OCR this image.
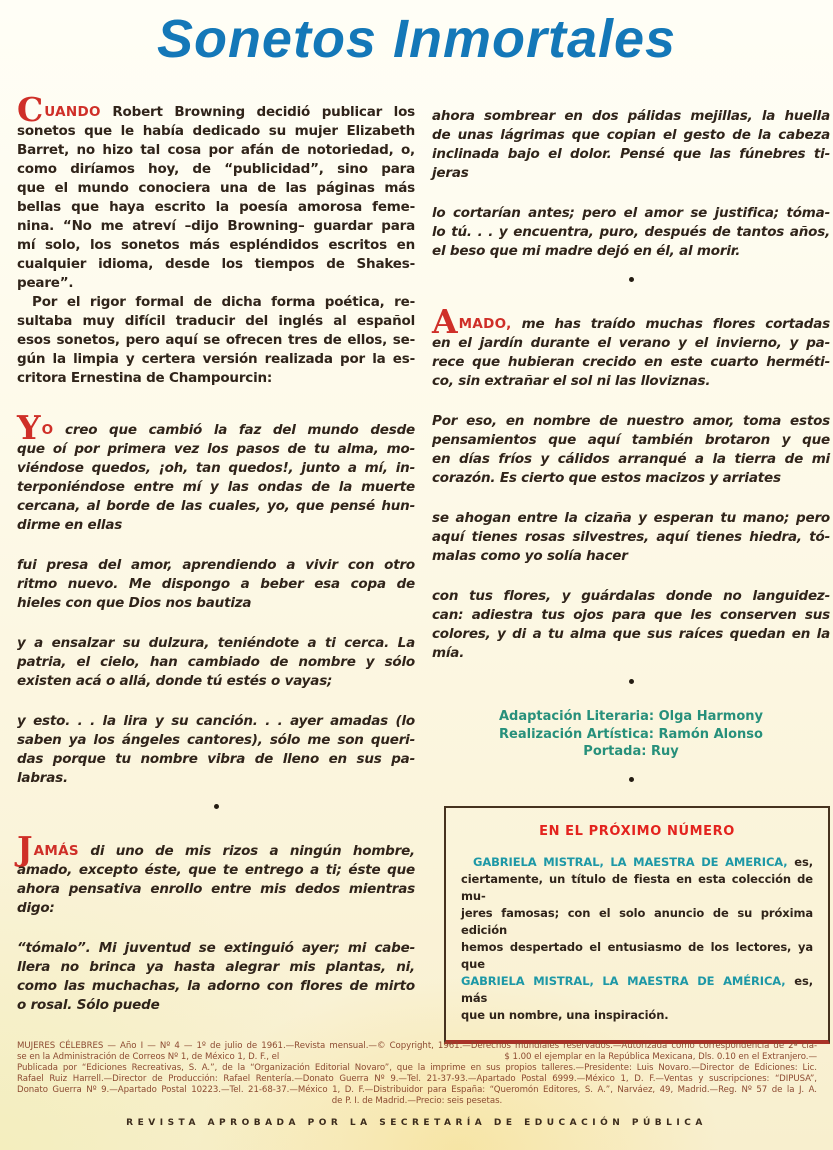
Sonetos Inmortales
CUANDO Robert Browning decidió publicar los
sonetos que le había dedicado su mujer Elizabeth
Barret, no hizo tal cosa por afán de notoriedad, o,
como diríamos hoy, de “publicidad”, sino para
que el mundo conociera una de las páginas más
bellas que haya escrito la poesía amorosa feme-
nina. “No me atreví –dijo Browning– guardar para
mí solo, los sonetos más espléndidos escritos en
cualquier idioma, desde los tiempos de Shakes-
peare”.
Por el rigor formal de dicha forma poética, re-
sultaba muy difícil traducir del inglés al español
esos sonetos, pero aquí se ofrecen tres de ellos, se-
gún la limpia y certera versión realizada por la es-
critora Ernestina de Champourcin:
YO creo que cambió la faz del mundo desde
que oí por primera vez los pasos de tu alma, mo-
viéndose quedos, ¡oh, tan quedos!, junto a mí, in-
terponiéndose entre mí y las ondas de la muerte
cercana, al borde de las cuales, yo, que pensé hun-
dirme en ellas
fui presa del amor, aprendiendo a vivir con otro
ritmo nuevo. Me dispongo a beber esa copa de
hieles con que Dios nos bautiza
y a ensalzar su dulzura, teniéndote a ti cerca. La
patria, el cielo, han cambiado de nombre y sólo
existen acá o allá, donde tú estés o vayas;
y esto. . . la lira y su canción. . . ayer amadas (lo
saben ya los ángeles cantores), sólo me son queri-
das porque tu nombre vibra de lleno en sus pa-
labras.
JAMÁS di uno de mis rizos a ningún hombre,
amado, excepto éste, que te entrego a ti; éste que
ahora pensativa enrollo entre mis dedos mientras
digo:
“tómalo”. Mi juventud se extinguió ayer; mi cabe-
llera no brinca ya hasta alegrar mis plantas, ni,
como las muchachas, la adorno con flores de mirto
o rosal. Sólo puede
ahora sombrear en dos pálidas mejillas, la huella
de unas lágrimas que copian el gesto de la cabeza
inclinada bajo el dolor. Pensé que las fúnebres ti-
jeras
lo cortarían antes; pero el amor se justifica; tóma-
lo tú. . . y encuentra, puro, después de tantos años,
el beso que mi madre dejó en él, al morir.
AMADO, me has traído muchas flores cortadas
en el jardín durante el verano y el invierno, y pa-
rece que hubieran crecido en este cuarto herméti-
co, sin extrañar el sol ni las lloviznas.
Por eso, en nombre de nuestro amor, toma estos
pensamientos que aquí también brotaron y que
en días fríos y cálidos arranqué a la tierra de mi
corazón. Es cierto que estos macizos y arriates
se ahogan entre la cizaña y esperan tu mano; pero
aquí tienes rosas silvestres, aquí tienes hiedra, tó-
malas como yo solía hacer
con tus flores, y guárdalas donde no languidez-
can: adiestra tus ojos para que les conserven sus
colores, y di a tu alma que sus raíces quedan en la
mía.
Adaptación Literaria: Olga Harmony
Realización Artística: Ramón Alonso
Portada: Ruy
EN EL PRÓXIMO NÚMERO
GABRIELA MISTRAL, LA MAESTRA DE AMERICA, es,
ciertamente, un título de fiesta en esta colección de mu-
jeres famosas; con el solo anuncio de su próxima edición
hemos despertado el entusiasmo de los lectores, ya que
GABRIELA MISTRAL, LA MAESTRA DE AMÉRICA, es, más
que un nombre, una inspiración.
MUJERES CÉLEBRES — Año I — Nº 4 — 1º de julio de 1961.—Revista mensual.—© Copyright, 1961.—Derechos mundiales reservados.—Autorizada como correspondencia de 2ª cla-
se en la Administración de Correos Nº 1, de México 1, D. F., el	$ 1.00 el ejemplar en la República Mexicana, Dls. 0.10 en el Extranjero.—
Publicada por “Ediciones Recreativas, S. A.”, de la “Organización Editorial Novaro”, que la imprime en sus propios talleres.—Presidente: Luis Novaro.—Director de Ediciones: Lic.
Rafael Ruiz Harrell.—Director de Producción: Rafael Rentería.—Donato Guerra Nº 9.—Tel. 21-37-93.—Apartado Postal 6999.—México 1, D. F.—Ventas y suscripciones: “DIPUSA”,
Donato Guerra Nº 9.—Apartado Postal 10223.—Tel. 21-68-37.—México 1, D. F.—Distribuidor para España: “Queromón Editores, S. A.”, Narváez, 49, Madrid.—Reg. Nº 57 de la J. A.
de P. I. de Madrid.—Precio: seis pesetas.
REVISTA APROBADA POR LA SECRETARÍA DE EDUCACIÓN PÚBLICA
